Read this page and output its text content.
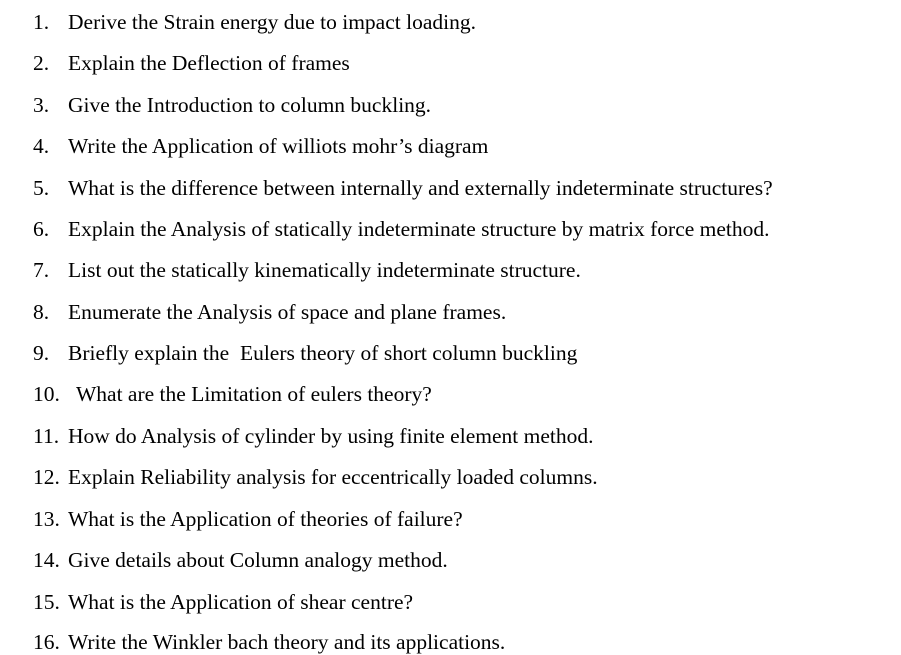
1. Derive the Strain energy due to impact loading.
2. Explain the Deflection of frames
3. Give the Introduction to column buckling.
4. Write the Application of williots mohr’s diagram
5. What is the difference between internally and externally indeterminate structures?
6. Explain the Analysis of statically indeterminate structure by matrix force method.
7. List out the statically kinematically indeterminate structure.
8. Enumerate the Analysis of space and plane frames.
9. Briefly explain the  Eulers theory of short column buckling
10. What are the Limitation of eulers theory?
11. How do Analysis of cylinder by using finite element method.
12. Explain Reliability analysis for eccentrically loaded columns.
13. What is the Application of theories of failure?
14. Give details about Column analogy method.
15. What is the Application of shear centre?
16. Write the Winkler bach theory and its applications.
